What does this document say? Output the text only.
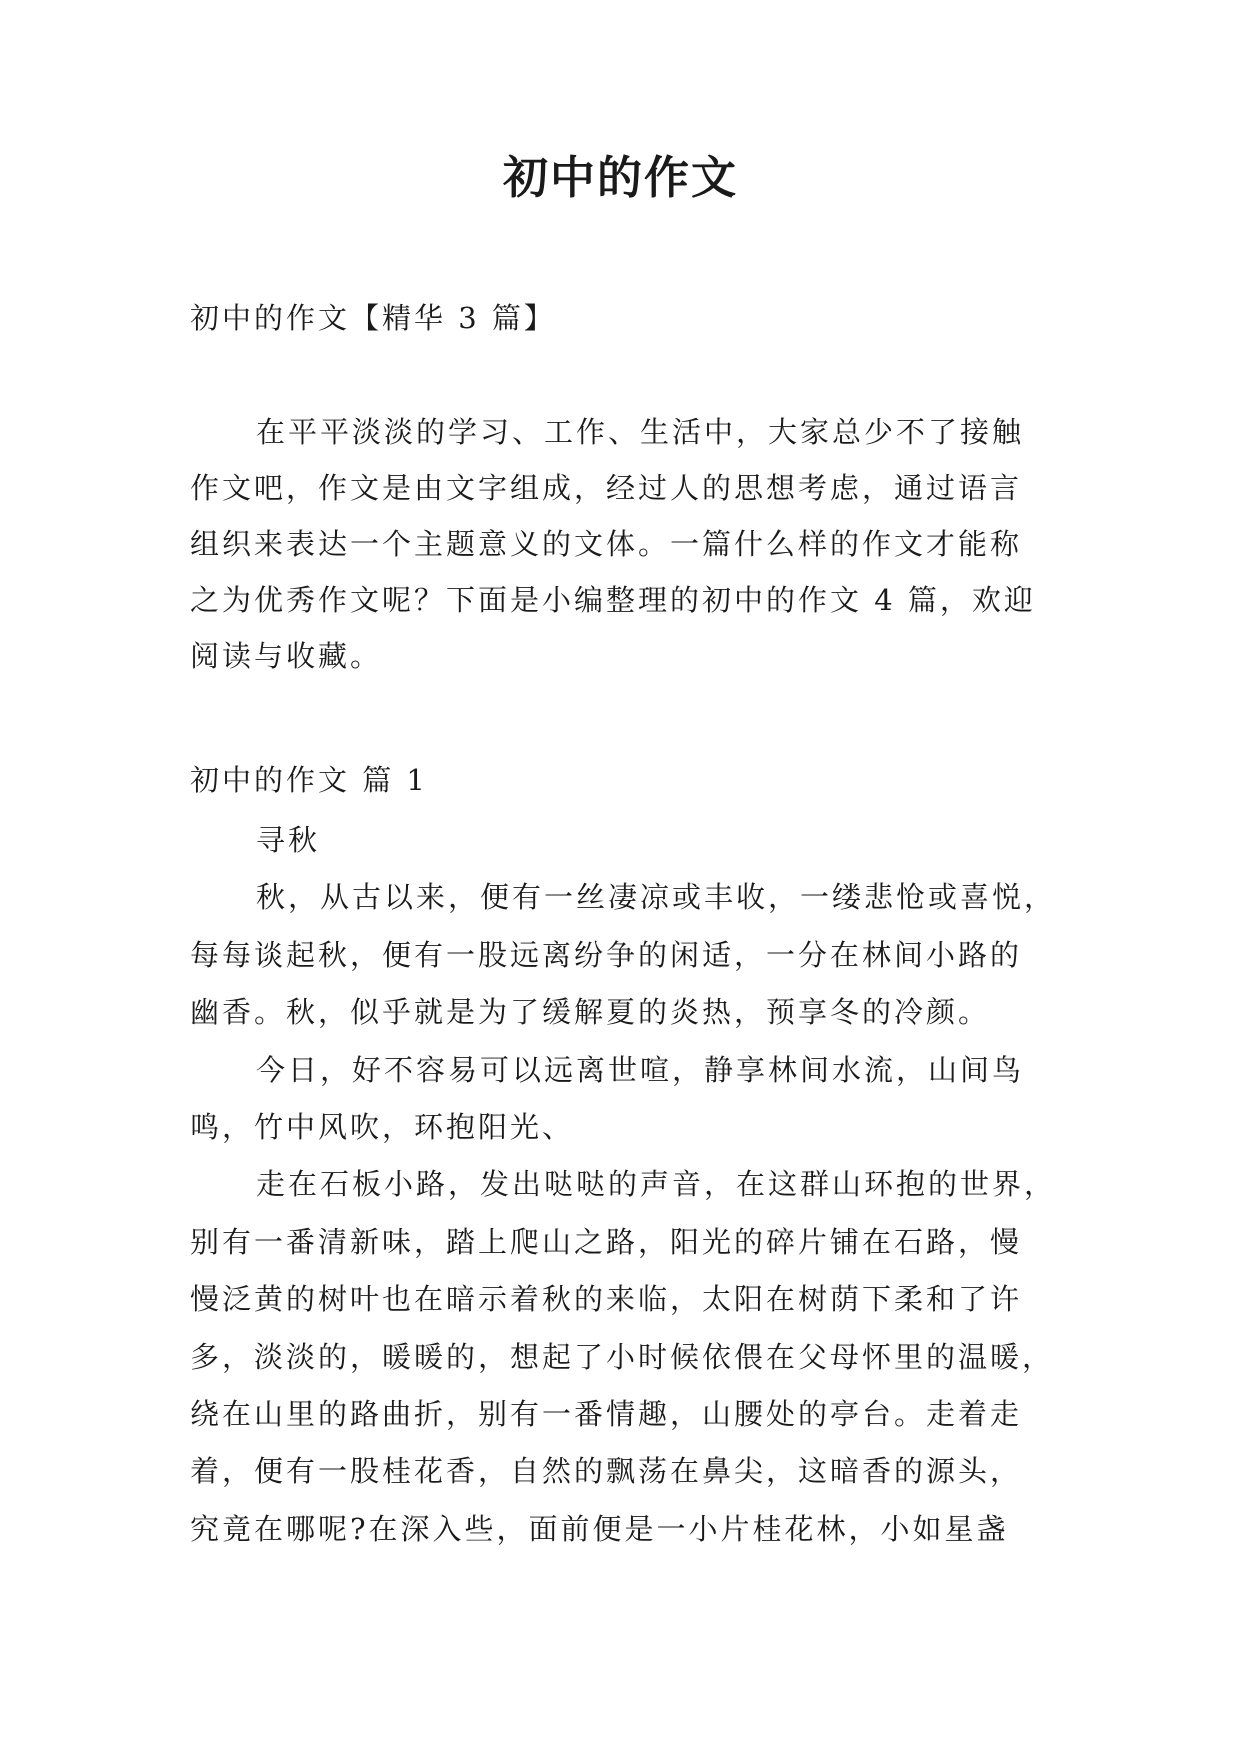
初中的作文
初中的作文【精华 3 篇】
在平平淡淡的学习、工作、生活中，大家总少不了接触
作文吧，作文是由文字组成，经过人的思想考虑，通过语言
组织来表达一个主题意义的文体。一篇什么样的作文才能称
之为优秀作文呢？下面是小编整理的初中的作文 4 篇，欢迎
阅读与收藏。
初中的作文 篇 1
寻秋
秋，从古以来，便有一丝凄凉或丰收，一缕悲怆或喜悦，
每每谈起秋，便有一股远离纷争的闲适，一分在林间小路的
幽香。秋，似乎就是为了缓解夏的炎热，预享冬的冷颜。
今日，好不容易可以远离世喧，静享林间水流，山间鸟
鸣，竹中风吹，环抱阳光、
走在石板小路，发出哒哒的声音，在这群山环抱的世界，
别有一番清新味，踏上爬山之路，阳光的碎片铺在石路，慢
慢泛黄的树叶也在暗示着秋的来临，太阳在树荫下柔和了许
多，淡淡的，暖暖的，想起了小时候依偎在父母怀里的温暖，
绕在山里的路曲折，别有一番情趣，山腰处的亭台。走着走
着，便有一股桂花香，自然的飘荡在鼻尖，这暗香的源头，
究竟在哪呢?在深入些，面前便是一小片桂花林，小如星盏
